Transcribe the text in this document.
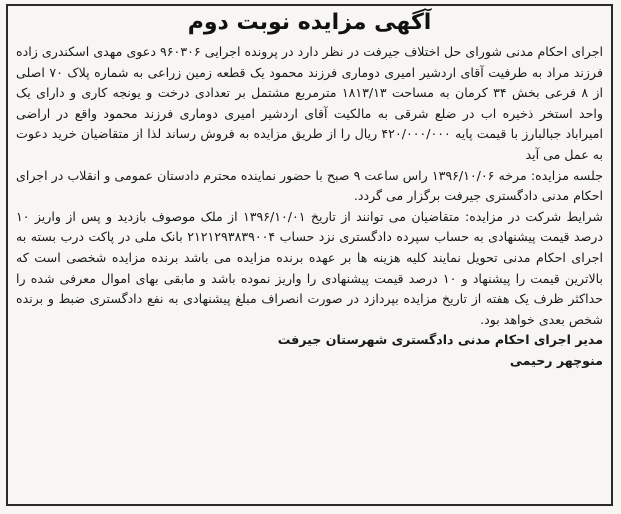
آگهی مزایده نوبت دوم

اجرای احکام مدنی شورای حل اختلاف جیرفت در نظر دارد در پرونده اجرایی ۹۶۰۳۰۶ دعوی مهدی اسکندری زاده فرزند مراد به طرفیت آقای اردشیر امیری دوماری فرزند محمود یک قطعه زمین زراعی به شماره پلاک ۷۰ اصلی از ۸ فرعی بخش ۳۴ کرمان به مساحت ۱۸۱۳/۱۳ مترمربع مشتمل بر تعدادی درخت و یونجه کاری و دارای یک واحد استخر ذخیره اب در ضلع شرقی به مالکیت آقای اردشیر امیری دوماری فرزند محمود واقع در اراضی امیراباد جبالبارز با قیمت پایه ۴۲۰/۰۰۰/۰۰۰ ریال را از طریق مزایده به فروش رساند لذا از متقاضیان خرید دعوت به عمل می آید

جلسه مزایده: مرخه ۱۳۹۶/۱۰/۰۶ راس ساعت ۹ صبح با حضور نماینده محترم دادستان عمومی و انقلاب در اجرای احکام مدنی دادگستری جیرفت برگزار می گردد.

شرایط شرکت در مزایده: متقاضیان می توانند از تاریخ ۱۳۹۶/۱۰/۰۱ از ملک موصوف بازدید و پس از واریز ۱۰ درصد قیمت پیشنهادی به حساب سپرده دادگستری نزد حساب ۲۱۲۱۲۹۳۸۳۹۰۰۴ بانک ملی در پاکت درب بسته به اجرای احکام مدنی تحویل نمایند کلیه هزینه ها بر عهده برنده مزایده می باشد برنده مزایده شخصی است که بالاترین قیمت را پیشنهاد و ۱۰ درصد قیمت پیشنهادی را واریز نموده باشد و مابقی بهای اموال معرفی شده را حداکثر ظرف یک هفته از تاریخ مزایده بپردازد در صورت انصراف مبلغ پیشنهادی به نفع دادگستری ضبط و برنده شخص بعدی خواهد بود.

مدیر اجرای احکام مدنی دادگستری شهرستان جیرفت

منوچهر رحیمی
